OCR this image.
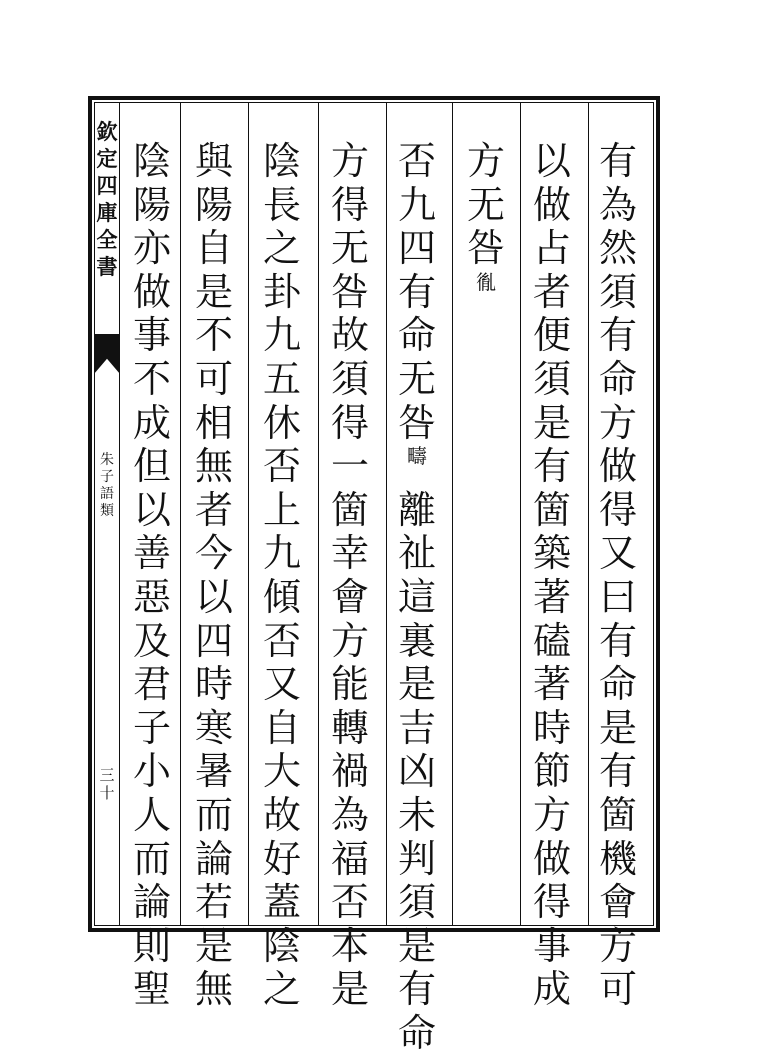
欽
定
四
庫
全
書
朱
子
語
類
三十
有
為
然
須
有
命
方
做
得
又
曰
有
命
是
有
箇
機
會
方
可
以
做
占
者
便
須
是
有
箇
築
著
磕
著
時
節
方
做
得
事
成
方
无
咎
㣧
否
九
四
有
命
无
咎
疇
離
祉
這
裏
是
吉
凶
未
判
須
是
有
命
方
得
无
咎
故
須
得
一
箇
幸
會
方
能
轉
禍
為
福
否
本
是
陰
長
之
卦
九
五
休
否
上
九
傾
否
又
自
大
故
好
蓋
陰
之
與
陽
自
是
不
可
相
無
者
今
以
四
時
寒
暑
而
論
若
是
無
陰
陽
亦
做
事
不
成
但
以
善
惡
及
君
子
小
人
而
論
則
聖
